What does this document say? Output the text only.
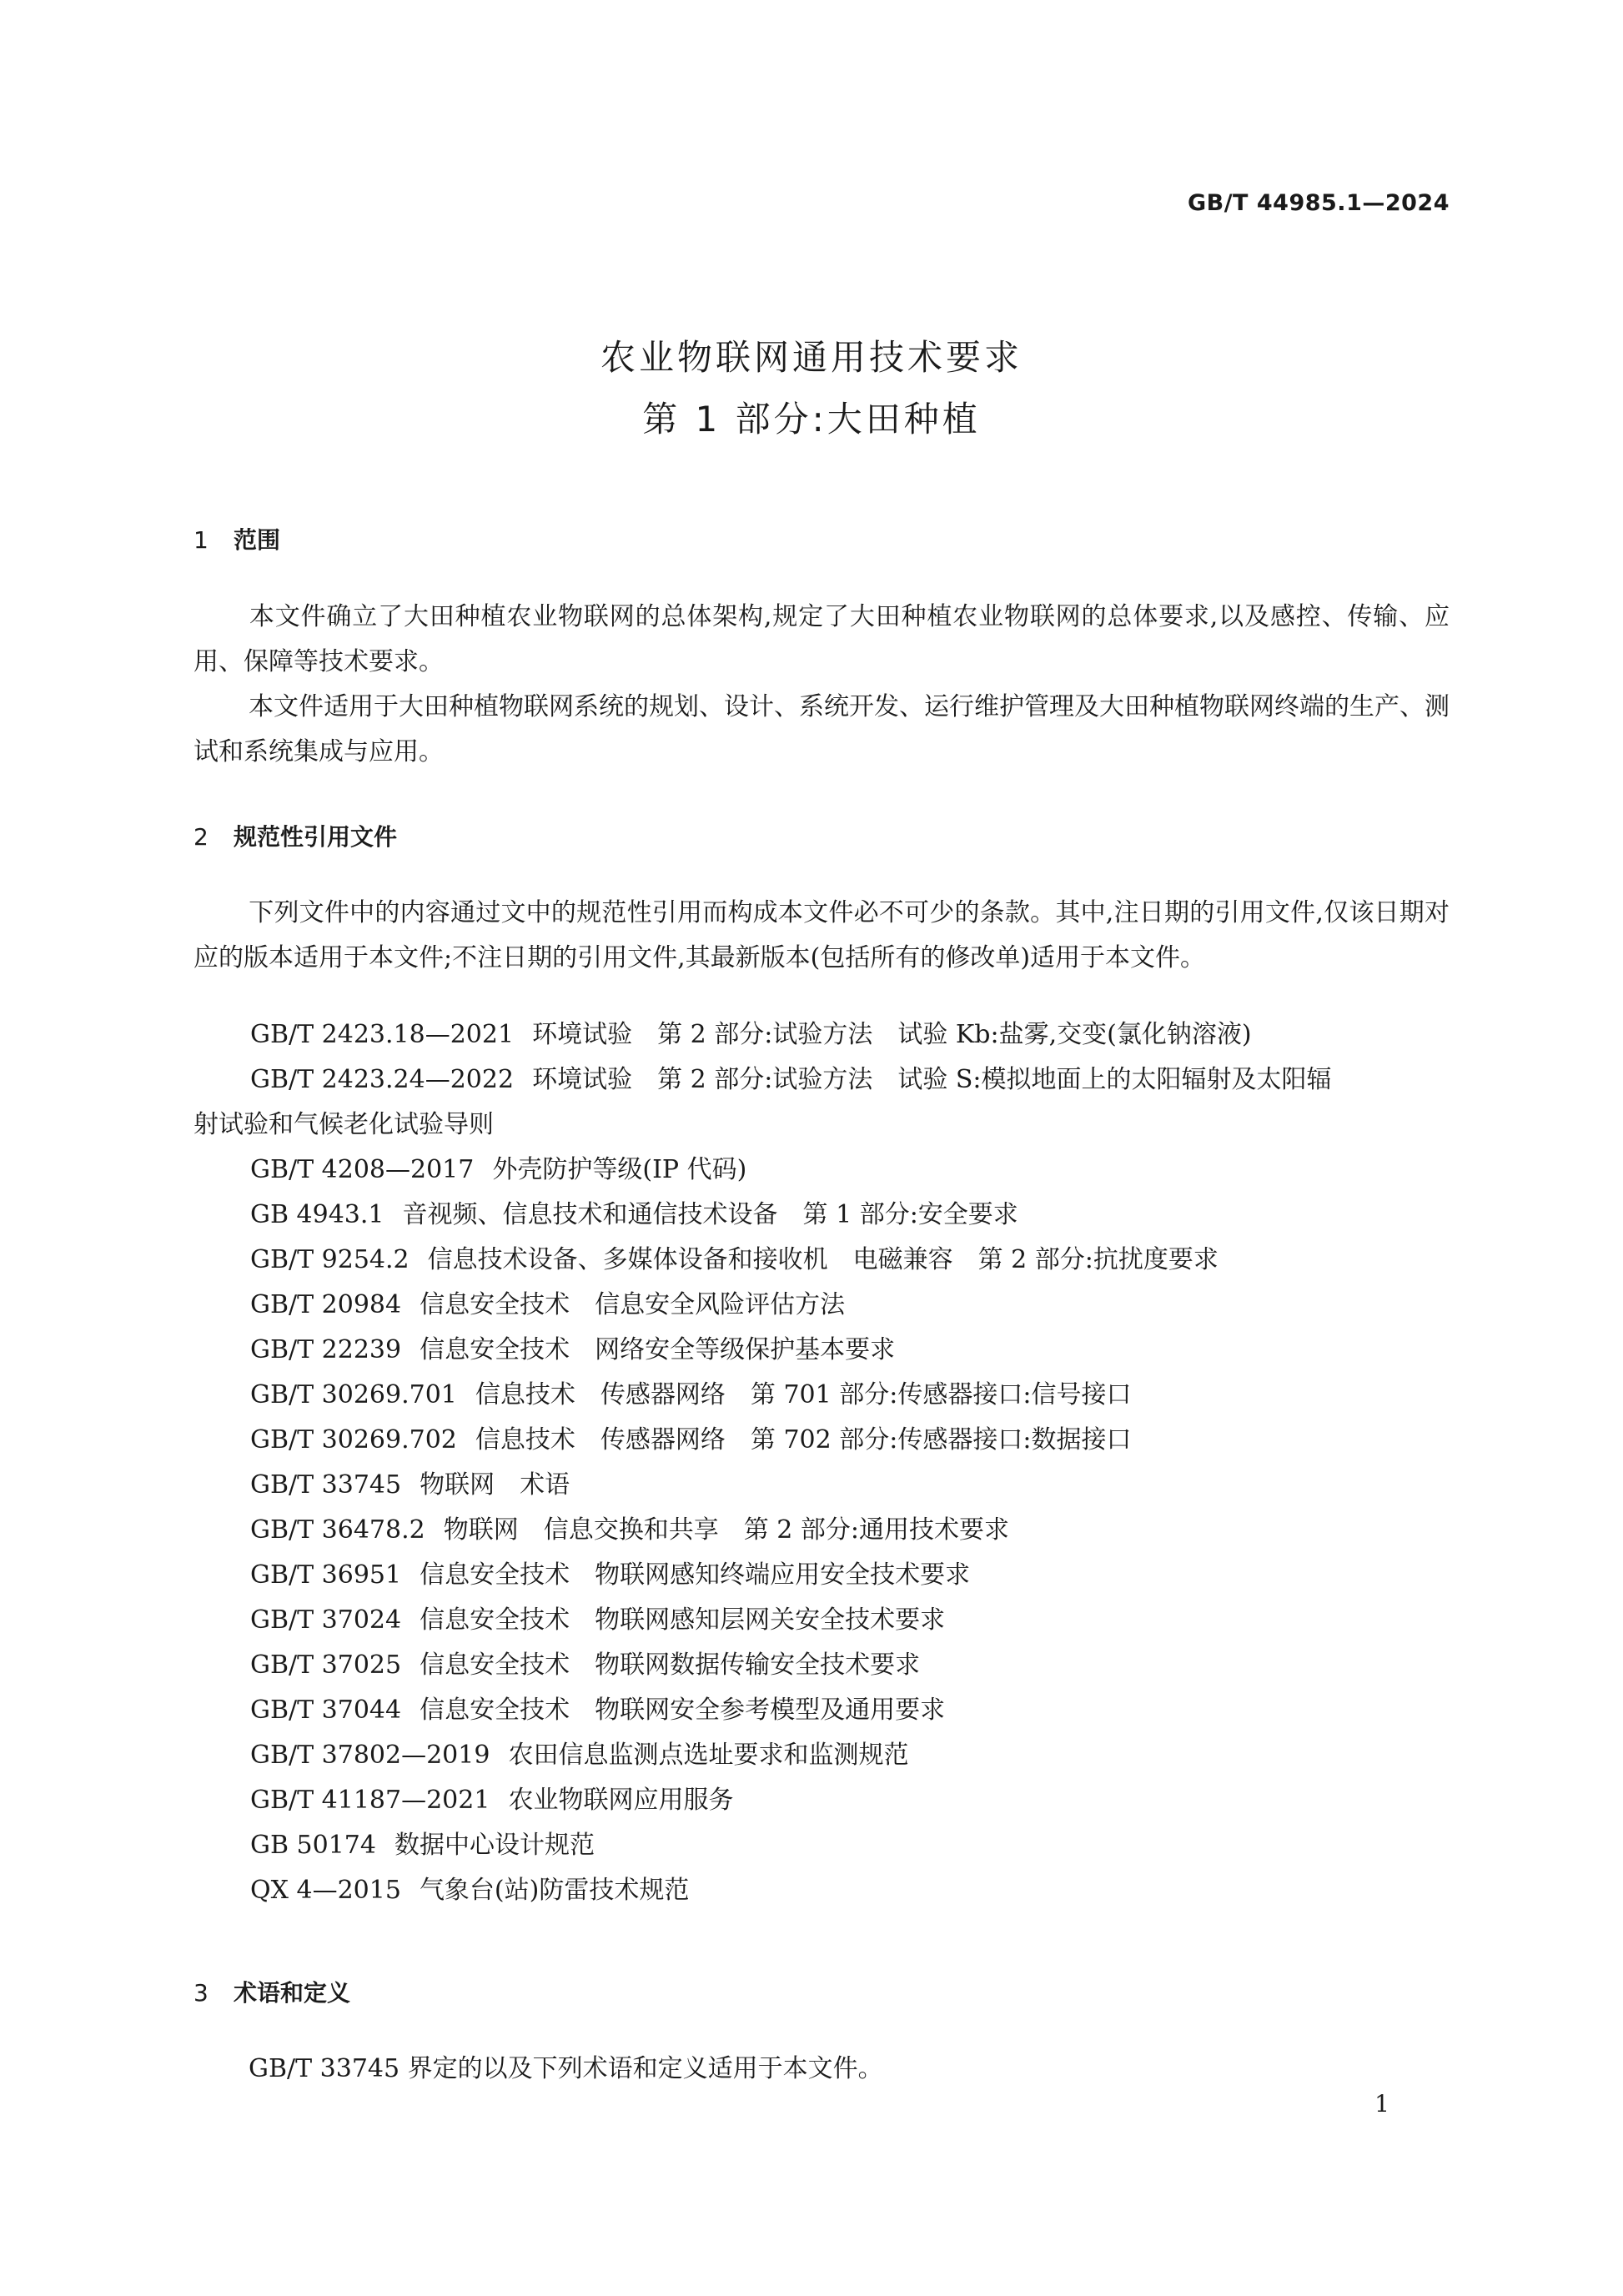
GB/T 44985.1—2024
农业物联网通用技术要求
第 1 部分:大田种植
1 范围
本文件确立了大田种植农业物联网的总体架构,规定了大田种植农业物联网的总体要求,以及感控、传输、应用、保障等技术要求。
本文件适用于大田种植物联网系统的规划、设计、系统开发、运行维护管理及大田种植物联网终端的生产、测试和系统集成与应用。
2 规范性引用文件
下列文件中的内容通过文中的规范性引用而构成本文件必不可少的条款。其中,注日期的引用文件,仅该日期对应的版本适用于本文件;不注日期的引用文件,其最新版本(包括所有的修改单)适用于本文件。
GB/T 2423.18—2021 环境试验　第 2 部分:试验方法　试验 Kb:盐雾,交变(氯化钠溶液)
GB/T 2423.24—2022 环境试验　第 2 部分:试验方法　试验 S:模拟地面上的太阳辐射及太阳辐
射试验和气候老化试验导则
GB/T 4208—2017 外壳防护等级(IP 代码)
GB 4943.1 音视频、信息技术和通信技术设备　第 1 部分:安全要求
GB/T 9254.2 信息技术设备、多媒体设备和接收机　电磁兼容　第 2 部分:抗扰度要求
GB/T 20984 信息安全技术　信息安全风险评估方法
GB/T 22239 信息安全技术　网络安全等级保护基本要求
GB/T 30269.701 信息技术　传感器网络　第 701 部分:传感器接口:信号接口
GB/T 30269.702 信息技术　传感器网络　第 702 部分:传感器接口:数据接口
GB/T 33745 物联网　术语
GB/T 36478.2 物联网　信息交换和共享　第 2 部分:通用技术要求
GB/T 36951 信息安全技术　物联网感知终端应用安全技术要求
GB/T 37024 信息安全技术　物联网感知层网关安全技术要求
GB/T 37025 信息安全技术　物联网数据传输安全技术要求
GB/T 37044 信息安全技术　物联网安全参考模型及通用要求
GB/T 37802—2019 农田信息监测点选址要求和监测规范
GB/T 41187—2021 农业物联网应用服务
GB 50174 数据中心设计规范
QX 4—2015 气象台(站)防雷技术规范
3 术语和定义
GB/T 33745 界定的以及下列术语和定义适用于本文件。
1
